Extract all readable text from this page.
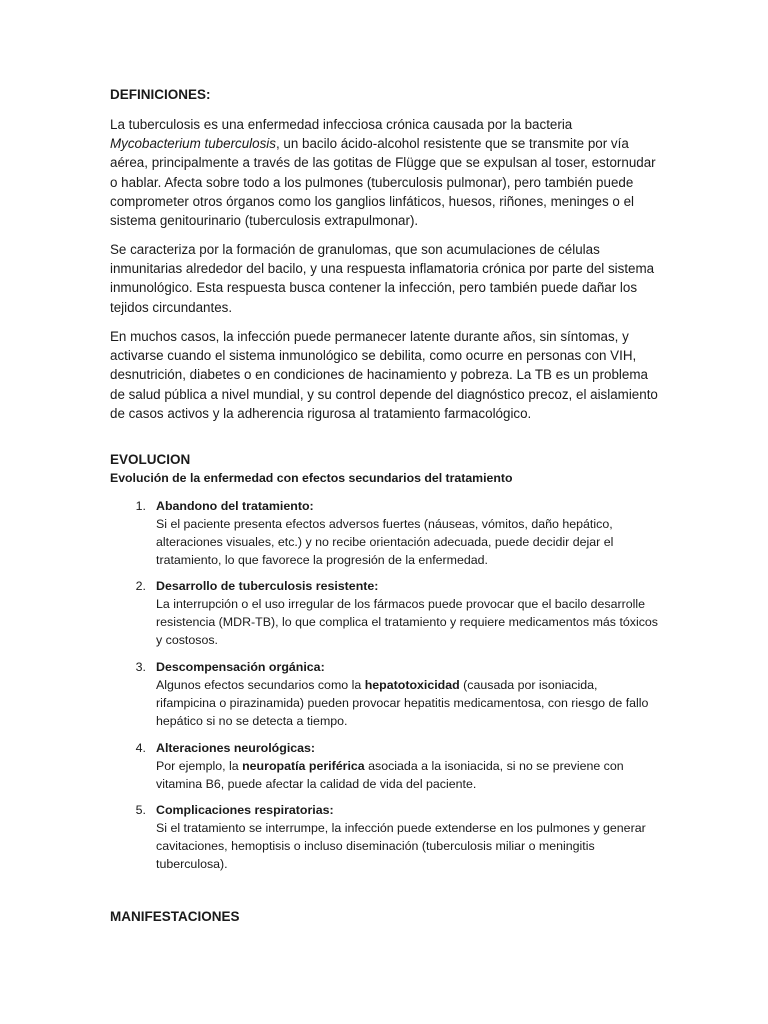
DEFINICIONES:

La tuberculosis es una enfermedad infecciosa crónica causada por la bacteria Mycobacterium tuberculosis, un bacilo ácido-alcohol resistente que se transmite por vía aérea, principalmente a través de las gotitas de Flügge que se expulsan al toser, estornudar o hablar. Afecta sobre todo a los pulmones (tuberculosis pulmonar), pero también puede comprometer otros órganos como los ganglios linfáticos, huesos, riñones, meninges o el sistema genitourinario (tuberculosis extrapulmonar).

Se caracteriza por la formación de granulomas, que son acumulaciones de células inmunitarias alrededor del bacilo, y una respuesta inflamatoria crónica por parte del sistema inmunológico. Esta respuesta busca contener la infección, pero también puede dañar los tejidos circundantes.

En muchos casos, la infección puede permanecer latente durante años, sin síntomas, y activarse cuando el sistema inmunológico se debilita, como ocurre en personas con VIH, desnutrición, diabetes o en condiciones de hacinamiento y pobreza. La TB es un problema de salud pública a nivel mundial, y su control depende del diagnóstico precoz, el aislamiento de casos activos y la adherencia rigurosa al tratamiento farmacológico.

EVOLUCION
Evolución de la enfermedad con efectos secundarios del tratamiento
1. Abandono del tratamiento:
Si el paciente presenta efectos adversos fuertes (náuseas, vómitos, daño hepático, alteraciones visuales, etc.) y no recibe orientación adecuada, puede decidir dejar el tratamiento, lo que favorece la progresión de la enfermedad.
2. Desarrollo de tuberculosis resistente:
La interrupción o el uso irregular de los fármacos puede provocar que el bacilo desarrolle resistencia (MDR-TB), lo que complica el tratamiento y requiere medicamentos más tóxicos y costosos.
3. Descompensación orgánica:
Algunos efectos secundarios como la hepatotoxicidad (causada por isoniacida, rifampicina o pirazinamida) pueden provocar hepatitis medicamentosa, con riesgo de fallo hepático si no se detecta a tiempo.
4. Alteraciones neurológicas:
Por ejemplo, la neuropatía periférica asociada a la isoniacida, si no se previene con vitamina B6, puede afectar la calidad de vida del paciente.
5. Complicaciones respiratorias:
Si el tratamiento se interrumpe, la infección puede extenderse en los pulmones y generar cavitaciones, hemoptisis o incluso diseminación (tuberculosis miliar o meningitis tuberculosa).
MANIFESTACIONES
